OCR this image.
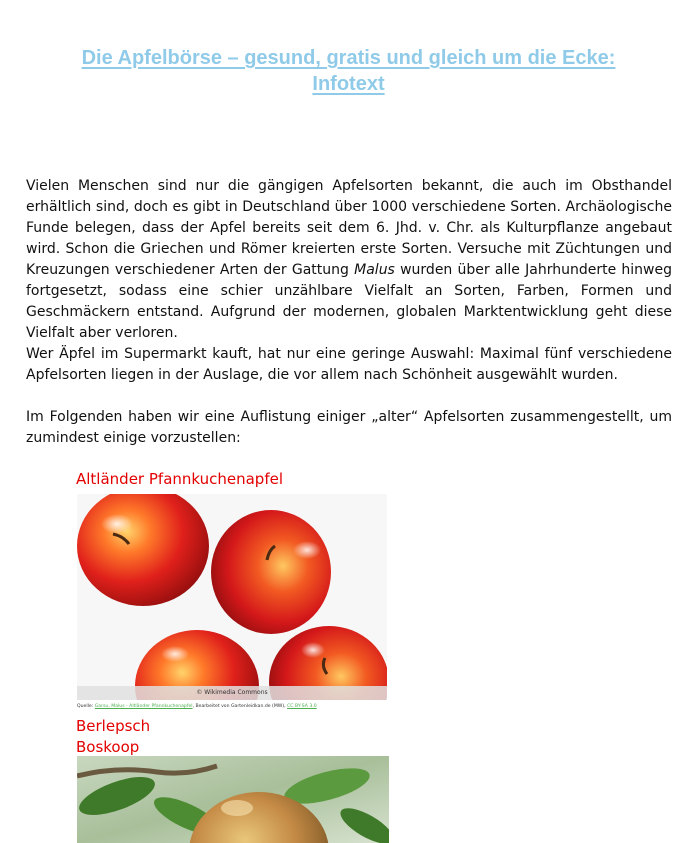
Die Apfelbörse – gesund, gratis und gleich um die Ecke:
Infotext

Vielen Menschen sind nur die gängigen Apfelsorten bekannt, die auch im Obsthandel erhältlich sind, doch es gibt in Deutschland über 1000 verschiedene Sorten. Archäologische Funde belegen, dass der Apfel bereits seit dem 6. Jhd. v. Chr. als Kulturpflanze angebaut wird. Schon die Griechen und Römer kreierten erste Sorten. Versuche mit Züchtungen und Kreuzungen verschiedener Arten der Gattung Malus wurden über alle Jahrhunderte hinweg fortgesetzt, sodass eine schier unzählbare Vielfalt an Sorten, Farben, Formen und Geschmäckern entstand. Aufgrund der modernen, globalen Marktentwicklung geht diese Vielfalt aber verloren.

Wer Äpfel im Supermarkt kauft, hat nur eine geringe Auswahl: Maximal fünf verschiedene Apfelsorten liegen in der Auslage, die vor allem nach Schönheit ausgewählt wurden.

Im Folgenden haben wir eine Auflistung einiger „alter“ Apfelsorten zusammengestellt, um zumindest einige vorzustellen:

Altländer Pfannkuchenapfel
© Wikimedia Commons
Quelle: Garsu, Malus - Altländer Pfannkuchenapfel, Bearbeitet von Gartenleidkan.de (MW), CC BY-SA 3.0
Berlepsch
Boskoop
